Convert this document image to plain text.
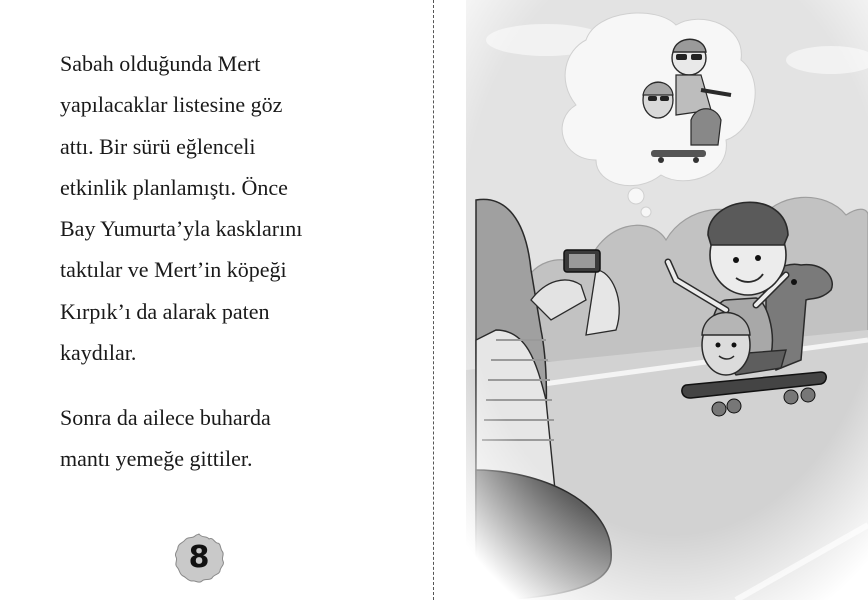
Sabah olduğunda Mert
yapılacaklar listesine göz
attı. Bir sürü eğlenceli
etkinlik planlamıştı. Önce
Bay Yumurta’yla kasklarını
taktılar ve Mert’in köpeği
Kırpık’ı da alarak paten
kaydılar.

Sonra da ailece buharda
mantı yemeğe gittiler.

8
